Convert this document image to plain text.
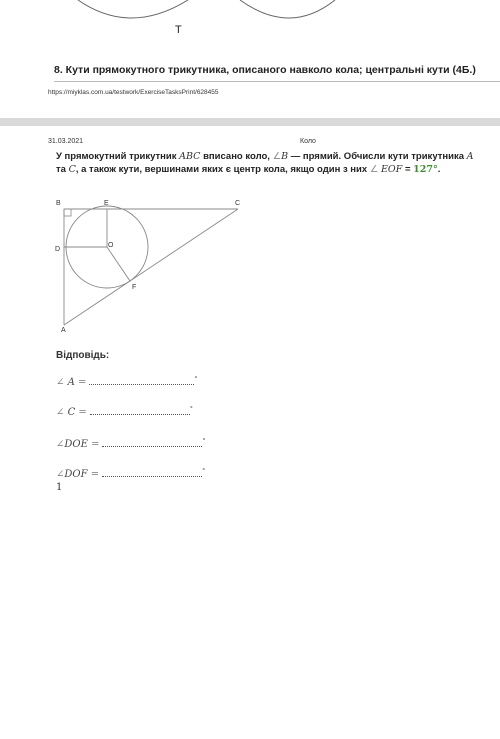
T
8. Кути прямокутного трикутника, описаного навколо кола; центральні кути (4Б.)
https://miyklas.com.ua/testwork/ExerciseTasksPrint/628455
31.03.2021	Коло
У прямокутний трикутник ABC вписано коло, ∠B — прямий. Обчисли кути трикутника A та C, а також кути, вершинами яких є центр кола, якщо один з них ∠ EOF = 127°.
B	E	C
D
O
F
A
Відповідь:
∠ A =	°
∠ C =	°
∠DOE =	°
∠DOF =	°
1
